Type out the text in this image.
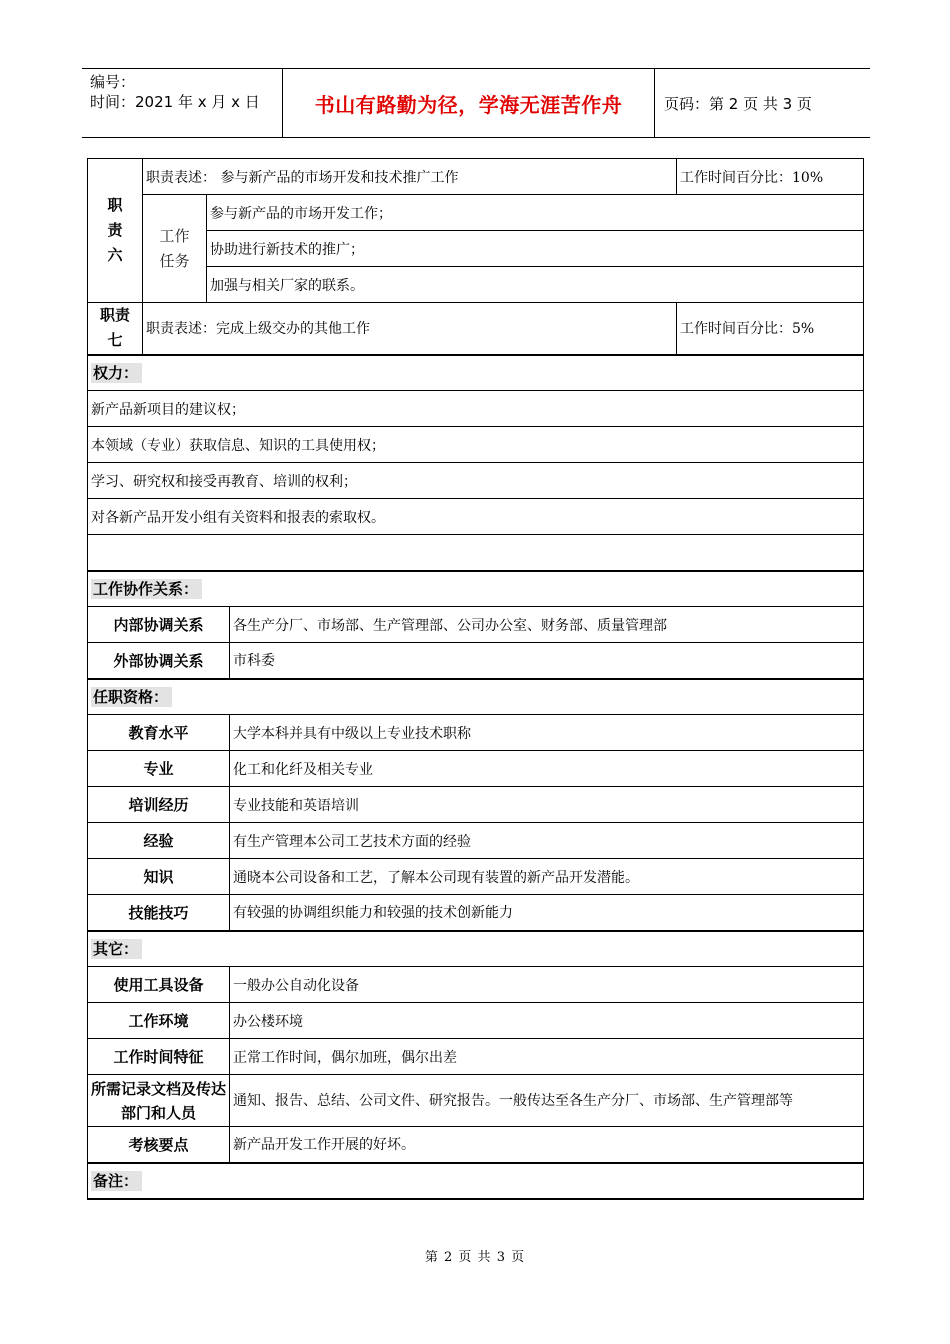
编号：
时间：2021 年 x 月 x 日	书山有路勤为径，学海无涯苦作舟	页码：第 2 页 共 3 页
职责六	职责表述： 参与新产品的市场开发和技术推广工作			工作时间百分比：10%
	工作任务	参与新产品的市场开发工作；		
		协助进行新技术的推广；		
		加强与相关厂家的联系。		
职责七	职责表述：完成上级交办的其他工作			工作时间百分比：5%
权力：				
新产品新项目的建议权；				
本领域（专业）获取信息、知识的工具使用权；				
学习、研究权和接受再教育、培训的权利；				
对各新产品开发小组有关资料和报表的索取权。				

工作协作关系：				
内部协调关系			各生产分厂、市场部、生产管理部、公司办公室、财务部、质量管理部	
外部协调关系			市科委	
任职资格：				
教育水平			大学本科并具有中级以上专业技术职称	
专业			化工和化纤及相关专业	
培训经历			专业技能和英语培训	
经验			有生产管理本公司工艺技术方面的经验	
知识			通晓本公司设备和工艺，了解本公司现有装置的新产品开发潜能。	
技能技巧			有较强的协调组织能力和较强的技术创新能力	
其它：				
使用工具设备			一般办公自动化设备	
工作环境			办公楼环境	
工作时间特征			正常工作时间，偶尔加班，偶尔出差	
所需记录文档及传达部门和人员			通知、报告、总结、公司文件、研究报告。一般传达至各生产分厂、市场部、生产管理部等	
考核要点			新产品开发工作开展的好坏。	
备注：				
第 2 页 共 3 页
